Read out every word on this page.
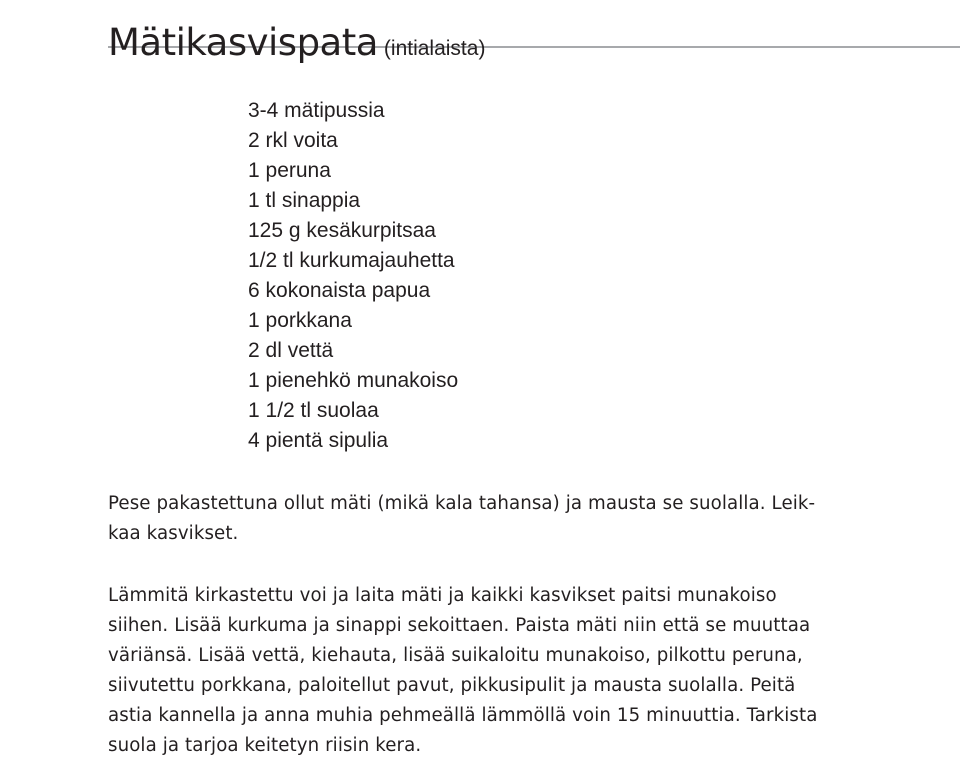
Mätikasvispata (intialaista)
3-4 mätipussia
2 rkl voita
1 peruna
1 tl sinappia
125 g kesäkurpitsaa
1/2 tl kurkumajauhetta
6 kokonaista papua
1 porkkana
2 dl vettä
1 pienehkö munakoiso
1 1/2 tl suolaa
4 pientä sipulia

Pese pakastettuna ollut mäti (mikä kala tahansa) ja mausta se suolalla. Leik-
kaa kasvikset.

Lämmitä kirkastettu voi ja laita mäti ja kaikki kasvikset paitsi munakoiso
siihen. Lisää kurkuma ja sinappi sekoittaen. Paista mäti niin että se muuttaa
väriänsä. Lisää vettä, kiehauta, lisää suikaloitu munakoiso, pilkottu peruna,
siivutettu porkkana, paloitellut pavut, pikkusipulit ja mausta suolalla. Peitä
astia kannella ja anna muhia pehmeällä lämmöllä voin 15 minuuttia. Tarkista
suola ja tarjoa keitetyn riisin kera.
